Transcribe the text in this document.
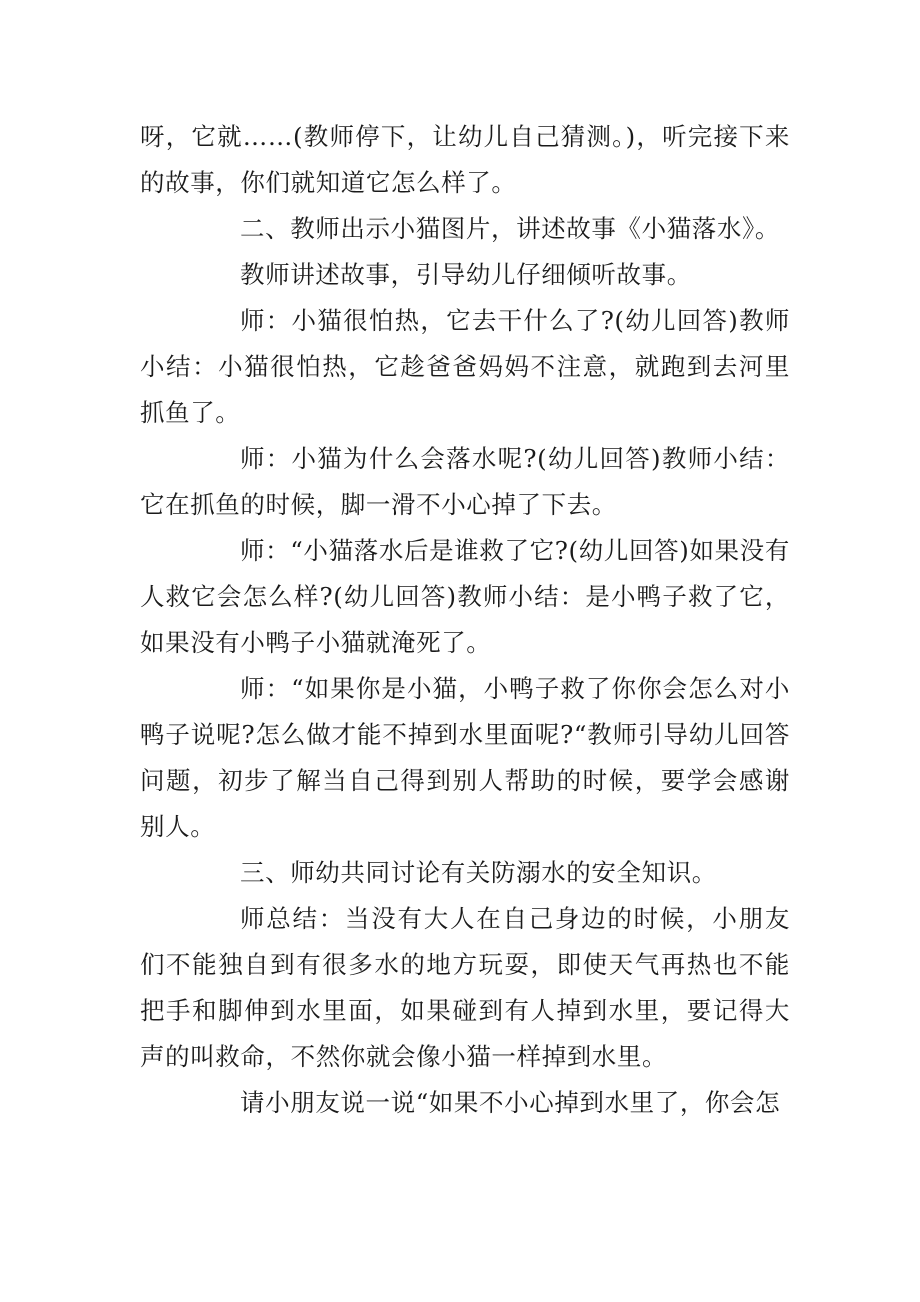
呀，它就……(教师停下，让幼儿自己猜测。)，听完接下来的故事，你们就知道它怎么样了。

二、教师出示小猫图片，讲述故事《小猫落水》。

教师讲述故事，引导幼儿仔细倾听故事。

师：小猫很怕热，它去干什么了?(幼儿回答)教师小结：小猫很怕热，它趁爸爸妈妈不注意，就跑到去河里抓鱼了。

师：小猫为什么会落水呢?(幼儿回答)教师小结：它在抓鱼的时候，脚一滑不小心掉了下去。

师：“小猫落水后是谁救了它?(幼儿回答)如果没有人救它会怎么样?(幼儿回答)教师小结：是小鸭子救了它，如果没有小鸭子小猫就淹死了。

师：“如果你是小猫，小鸭子救了你你会怎么对小鸭子说呢?怎么做才能不掉到水里面呢?“教师引导幼儿回答问题，初步了解当自己得到别人帮助的时候，要学会感谢别人。

三、师幼共同讨论有关防溺水的安全知识。

师总结：当没有大人在自己身边的时候，小朋友们不能独自到有很多水的地方玩耍，即使天气再热也不能把手和脚伸到水里面，如果碰到有人掉到水里，要记得大声的叫救命，不然你就会像小猫一样掉到水里。

请小朋友说一说“如果不小心掉到水里了，你会怎
